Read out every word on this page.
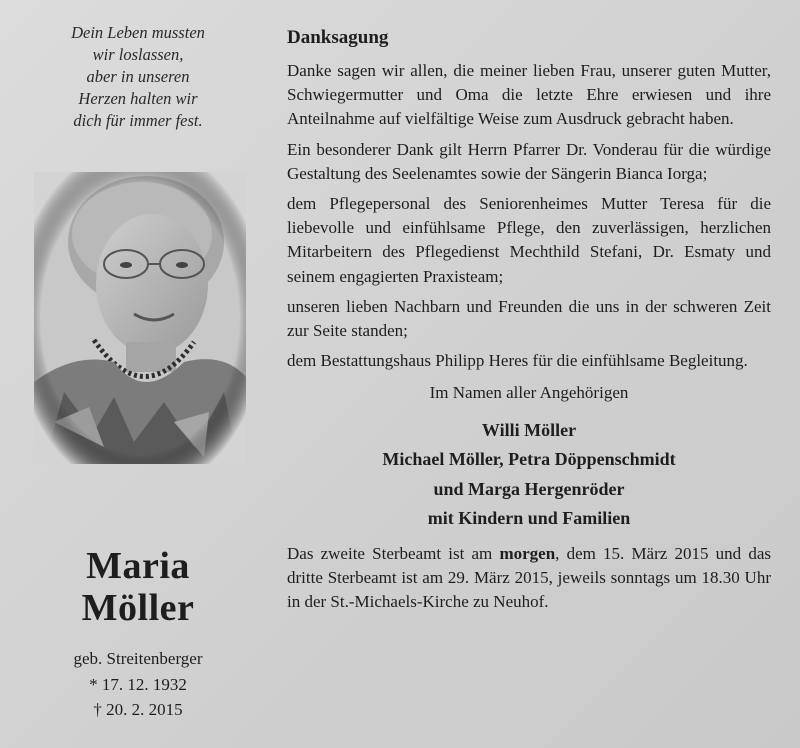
Dein Leben mussten
wir loslassen,
aber in unseren
Herzen halten wir
dich für immer fest.
Maria
Möller
geb. Streitenberger
* 17. 12. 1932
† 20. 2. 2015
Danksagung

Danke sagen wir allen, die meiner lieben Frau, unserer guten Mutter, Schwiegermutter und Oma die letzte Ehre erwiesen und ihre Anteilnahme auf vielfältige Weise zum Ausdruck gebracht haben.

Ein besonderer Dank gilt Herrn Pfarrer Dr. Vonderau für die würdige Gestaltung des Seelenamtes sowie der Sängerin Bianca Iorga;

dem Pflegepersonal des Seniorenheimes Mutter Teresa für die liebevolle und einfühlsame Pflege, den zuverlässigen, herzlichen Mitarbeitern des Pflegedienst Mechthild Stefani, Dr. Esmaty und seinem engagierten Praxisteam;

unseren lieben Nachbarn und Freunden die uns in der schweren Zeit zur Seite standen;

dem Bestattungshaus Philipp Heres für die einfühlsame Begleitung.

Im Namen aller Angehörigen
Willi Möller
Michael Möller, Petra Döppenschmidt
und Marga Hergenröder
mit Kindern und Familien

Das zweite Sterbeamt ist am morgen, dem 15. März 2015 und das dritte Sterbeamt ist am 29. März 2015, jeweils sonntags um 18.30 Uhr in der St.-Michaels-Kirche zu Neuhof.
